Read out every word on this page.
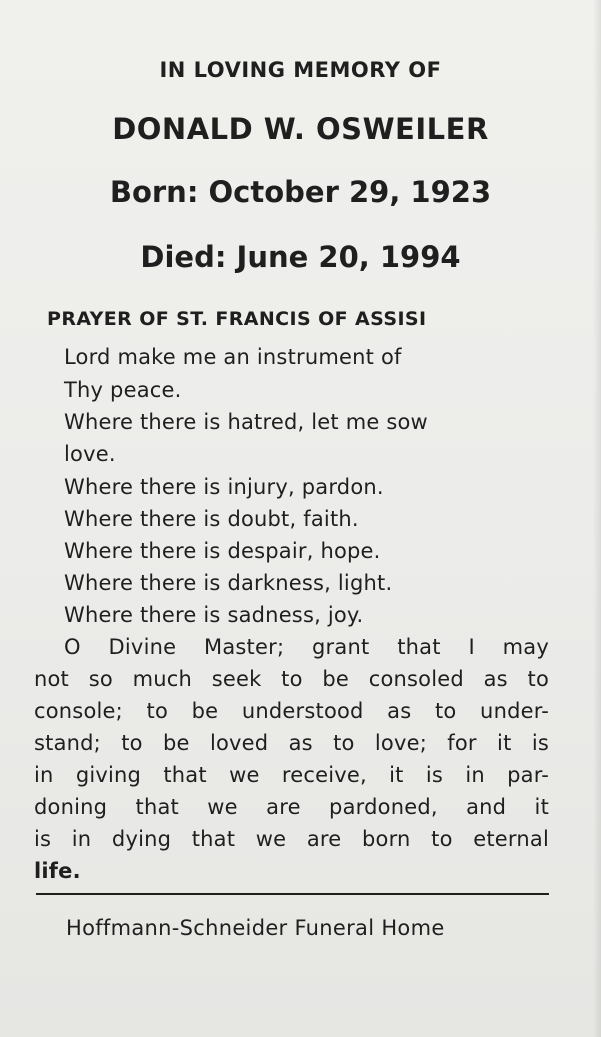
IN LOVING MEMORY OF
DONALD W. OSWEILER
Born: October 29, 1923
Died: June 20, 1994
PRAYER OF ST. FRANCIS OF ASSISI
Lord make me an instrument of
Thy peace.
Where there is hatred, let me sow
love.
Where there is injury, pardon.
Where there is doubt, faith.
Where there is despair, hope.
Where there is darkness, light.
Where there is sadness, joy.
O Divine Master; grant that I may
not so much seek to be consoled as to
console; to be understood as to under-
stand; to be loved as to love; for it is
in giving that we receive, it is in par-
doning that we are pardoned, and it
is in dying that we are born to eternal
life.
Hoffmann-Schneider Funeral Home
